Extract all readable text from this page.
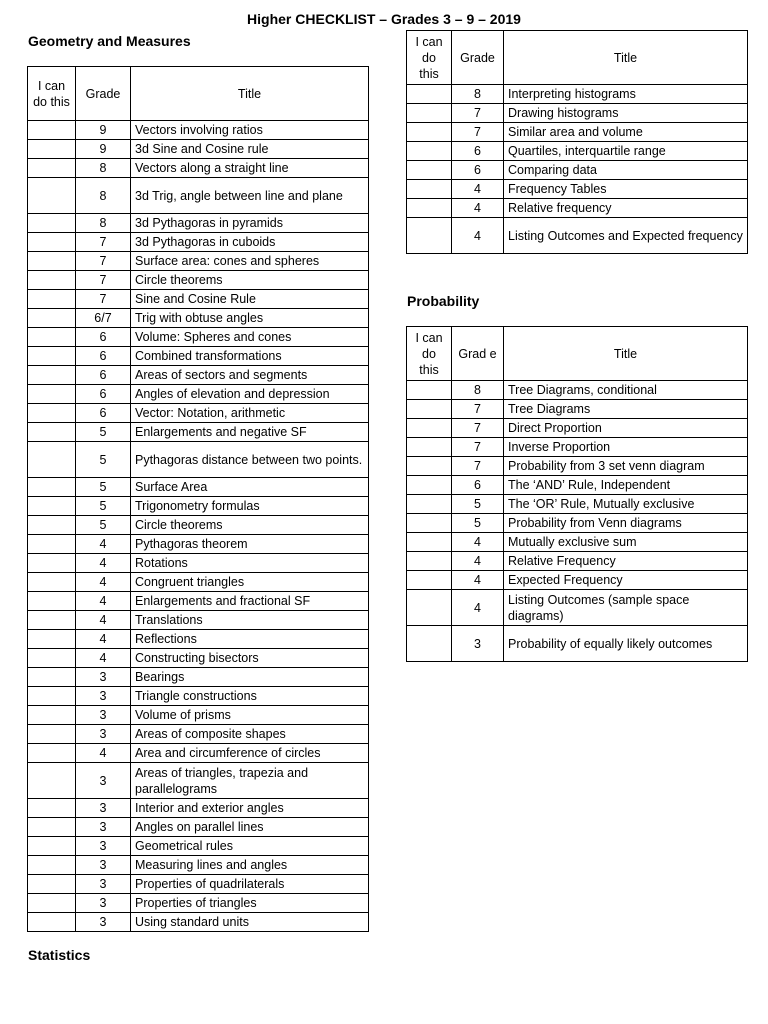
Higher CHECKLIST – Grades 3 – 9 – 2019
Geometry and Measures
I can do this	Grade	Title
	9	Vectors involving ratios
	9	3d Sine and Cosine rule
	8	Vectors along a straight line
	8	3d Trig, angle between line and plane
	8	3d Pythagoras in pyramids
	7	3d Pythagoras in cuboids
	7	Surface area: cones and spheres
	7	Circle theorems
	7	Sine and Cosine Rule
	6/7	Trig with obtuse angles
	6	Volume: Spheres and cones
	6	Combined transformations
	6	Areas of sectors and segments
	6	Angles of elevation and depression
	6	Vector: Notation, arithmetic
	5	Enlargements and negative SF
	5	Pythagoras distance between two points.
	5	Surface Area
	5	Trigonometry formulas
	5	Circle theorems
	4	Pythagoras theorem
	4	Rotations
	4	Congruent triangles
	4	Enlargements and fractional SF
	4	Translations
	4	Reflections
	4	Constructing bisectors
	3	Bearings
	3	Triangle constructions
	3	Volume of prisms
	3	Areas of composite shapes
	4	Area and circumference of circles
	3	Areas of triangles, trapezia and parallelograms
	3	Interior and exterior angles
	3	Angles on parallel lines
	3	Geometrical rules
	3	Measuring lines and angles
	3	Properties of quadrilaterals
	3	Properties of triangles
	3	Using standard units
Statistics
I can do this	Grade	Title
	8	Interpreting histograms
	7	Drawing histograms
	7	Similar area and volume
	6	Quartiles, interquartile range
	6	Comparing data
	4	Frequency Tables
	4	Relative frequency
	4	Listing Outcomes and Expected frequency
Probability
I can do this	Grad e	Title
	8	Tree Diagrams, conditional
	7	Tree Diagrams
	7	Direct Proportion
	7	Inverse Proportion
	7	Probability from 3 set venn diagram
	6	The ‘AND’ Rule, Independent
	5	The ‘OR’ Rule, Mutually exclusive
	5	Probability from Venn diagrams
	4	Mutually exclusive sum
	4	Relative Frequency
	4	Expected Frequency
	4	Listing Outcomes (sample space diagrams)
	3	Probability of equally likely outcomes
